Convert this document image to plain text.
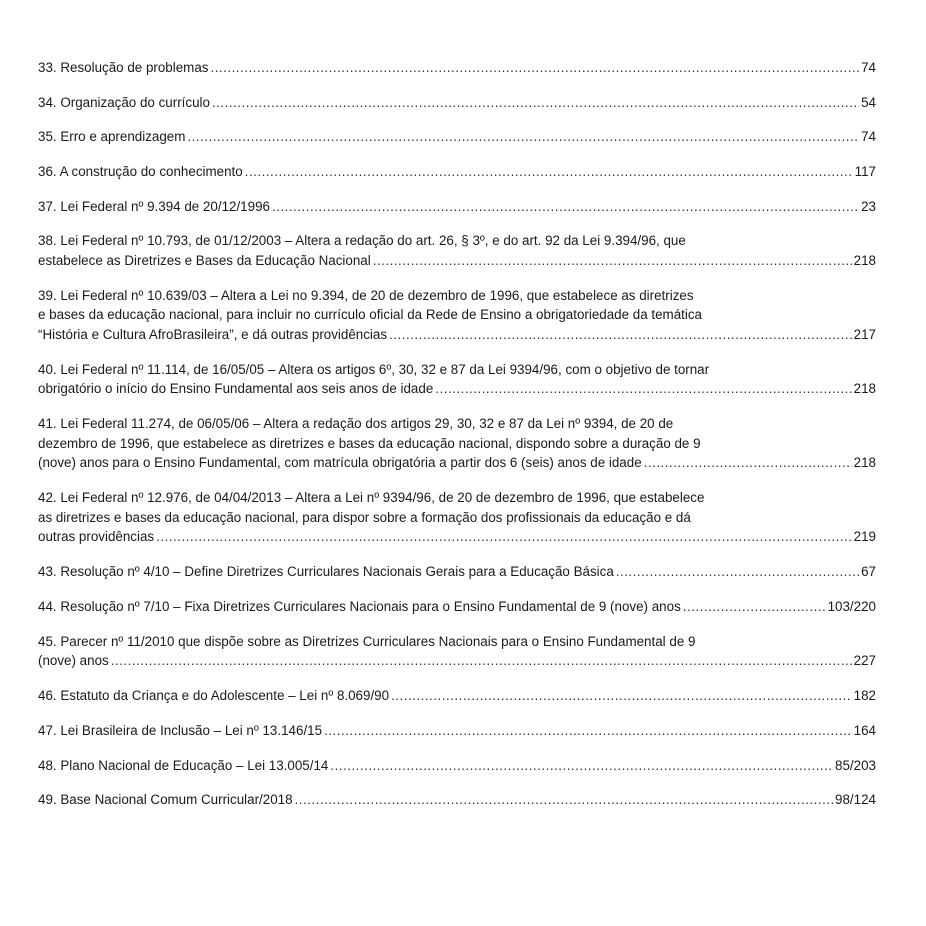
33. Resolução de problemas .....	74
34. Organização do currículo .....	54
35. Erro e aprendizagem .....	74
36. A construção do conhecimento .....	117
37. Lei Federal nº 9.394 de 20/12/1996 .....	23
38. Lei Federal nº 10.793, de 01/12/2003 – Altera a redação do art. 26, § 3º, e do art. 92 da Lei 9.394/96, que
estabelece as Diretrizes e Bases da Educação Nacional .....	218
39. Lei Federal nº 10.639/03 – Altera a Lei no 9.394, de 20 de dezembro de 1996, que estabelece as diretrizes
e bases da educação nacional, para incluir no currículo oficial da Rede de Ensino a obrigatoriedade da temática
“História e Cultura AfroBrasileira”, e dá outras providências .....	217
40. Lei Federal nº 11.114, de 16/05/05 – Altera os artigos 6º, 30, 32 e 87 da Lei 9394/96, com o objetivo de tornar
obrigatório o início do Ensino Fundamental aos seis anos de idade .....	218
41. Lei Federal 11.274, de 06/05/06 – Altera a redação dos artigos 29, 30, 32 e 87 da Lei nº 9394, de 20 de
dezembro de 1996, que estabelece as diretrizes e bases da educação nacional, dispondo sobre a duração de 9
(nove) anos para o Ensino Fundamental, com matrícula obrigatória a partir dos 6 (seis) anos de idade .....	218
42. Lei Federal nº 12.976, de 04/04/2013 – Altera a Lei nº 9394/96, de 20 de dezembro de 1996, que estabelece
as diretrizes e bases da educação nacional, para dispor sobre a formação dos profissionais da educação e dá
outras providências .....	219
43. Resolução nº 4/10 – Define Diretrizes Curriculares Nacionais Gerais para a Educação Básica .....	67
44. Resolução nº 7/10 – Fixa Diretrizes Curriculares Nacionais para o Ensino Fundamental de 9 (nove) anos .....	103/220
45. Parecer nº 11/2010 que dispõe sobre as Diretrizes Curriculares Nacionais para o Ensino Fundamental de 9
(nove) anos .....	227
46. Estatuto da Criança e do Adolescente – Lei nº 8.069/90 .....	182
47. Lei Brasileira de Inclusão – Lei nº 13.146/15 .....	164
48. Plano Nacional de Educação – Lei 13.005/14 .....	85/203
49. Base Nacional Comum Curricular/2018 .....	98/124
